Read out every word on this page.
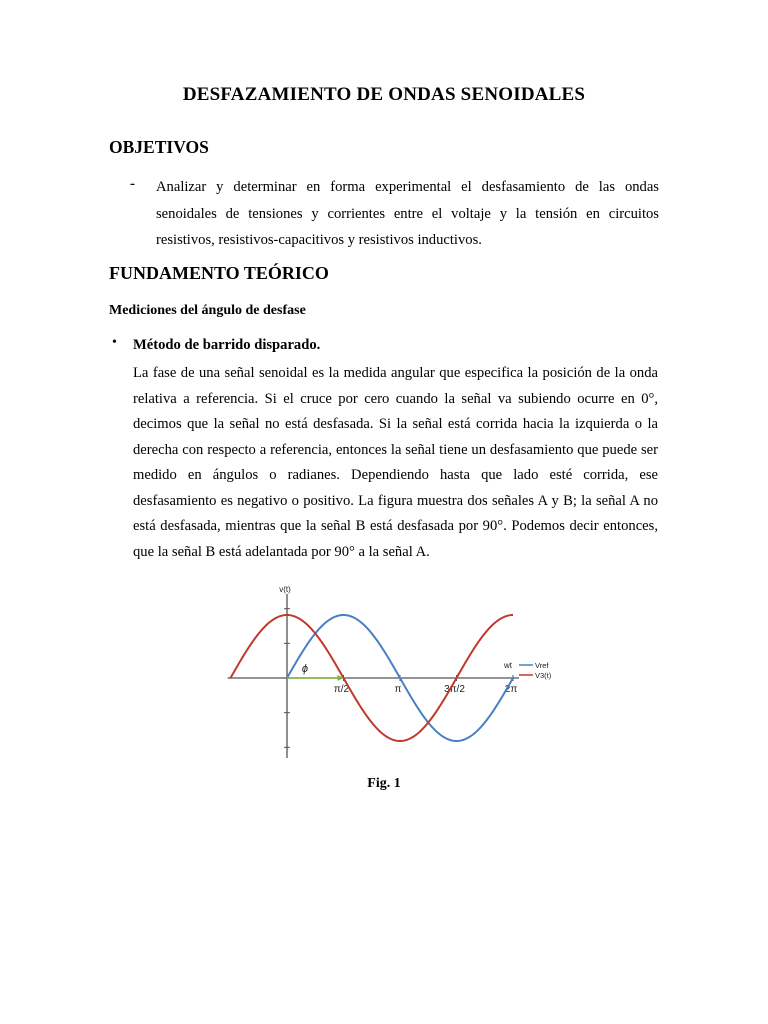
DESFAZAMIENTO DE ONDAS SENOIDALES
OBJETIVOS
- Analizar y determinar en forma experimental el desfasamiento de las ondas senoidales de tensiones y corrientes entre el voltaje y la tensión en circuitos resistivos, resistivos-capacitivos y resistivos inductivos.
FUNDAMENTO TEÓRICO
Mediciones del ángulo de desfase
• Método de barrido disparado.
La fase de una señal senoidal es la medida angular que especifica la posición de la onda relativa a referencia. Si el cruce por cero cuando la señal va subiendo ocurre en 0°, decimos que la señal no está desfasada. Si la señal está corrida hacia la izquierda o la derecha con respecto a referencia, entonces la señal tiene un desfasamiento que puede ser medido en ángulos o radianes. Dependiendo hasta que lado esté corrida, ese desfasamiento es negativo o positivo. La figura muestra dos señales A y B; la señal A no está desfasada, mientras que la señal B está desfasada por 90°. Podemos decir entonces, que la señal B está adelantada por 90° a la señal A.
π/2	π	3π/2	2π
v(t)
wt
ϕ	Vref
V3(t)
Fig. 1
